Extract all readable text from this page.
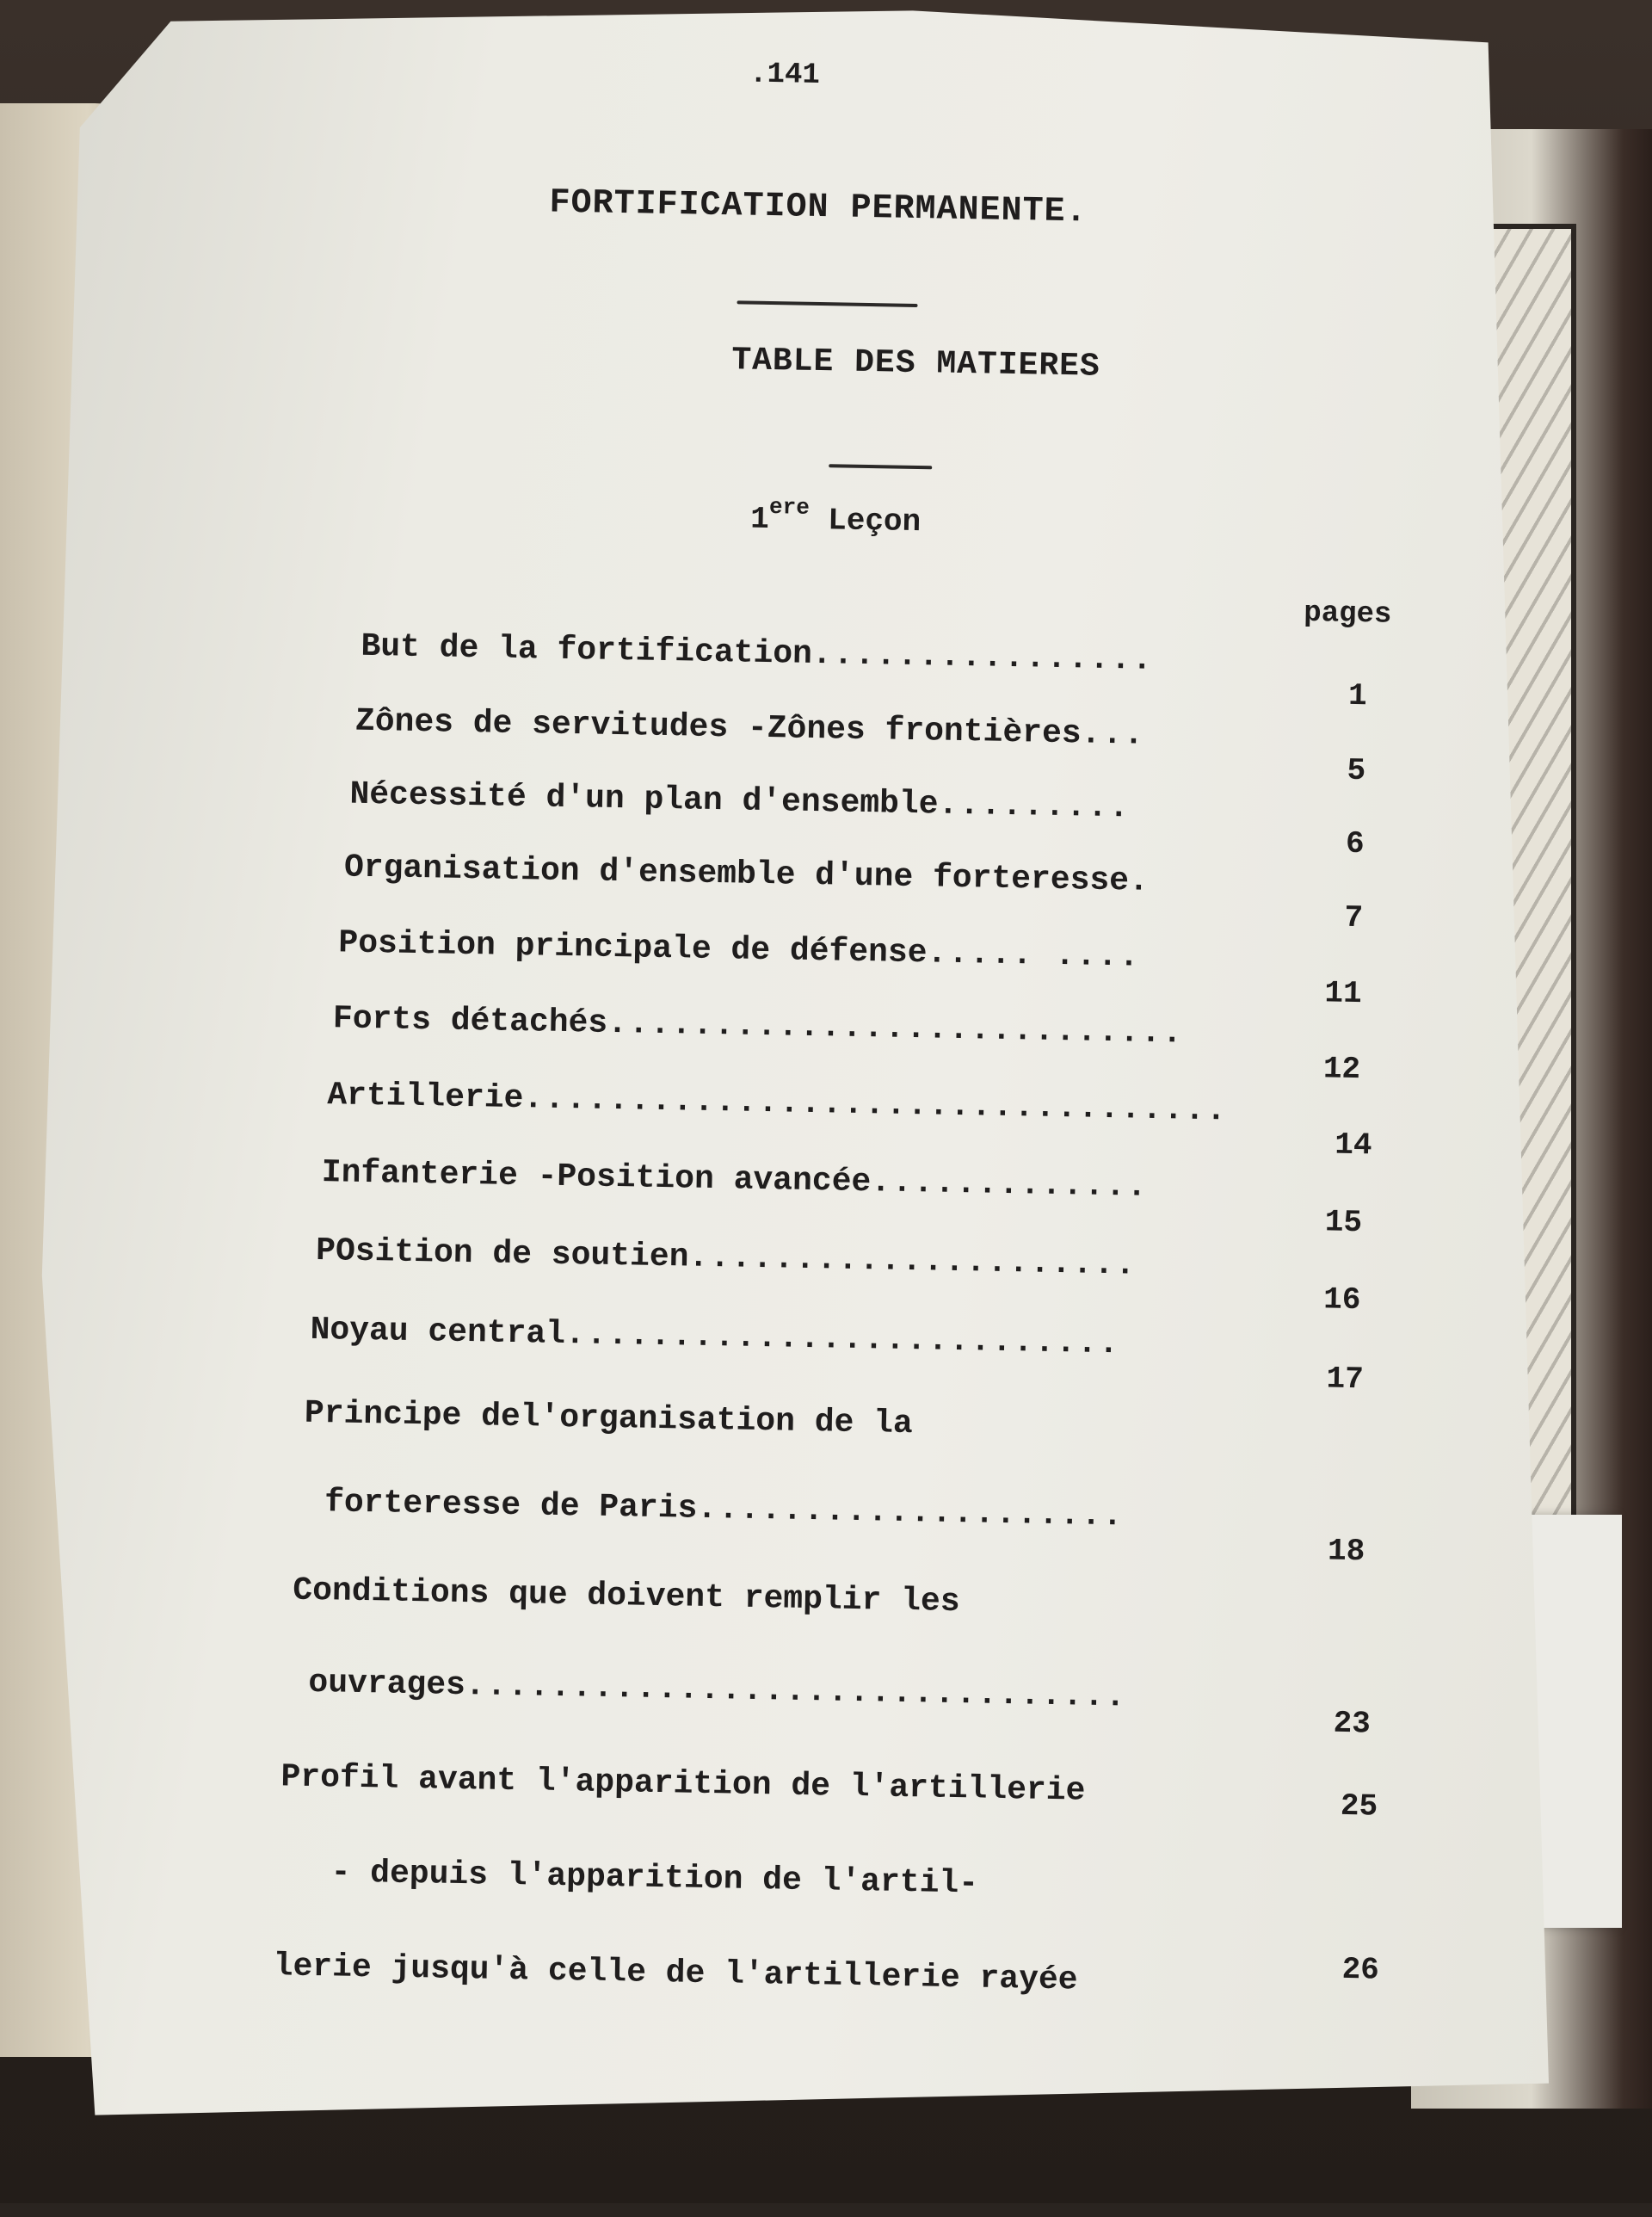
.141
FORTIFICATION PERMANENTE.
TABLE DES MATIERES
1ere Leçon
pages
But de la fortification................
1
Zônes de servitudes -Zônes frontières...
5
Nécessité d'un plan d'ensemble.........
6
Organisation d'ensemble d'une forteresse.
7
Position principale de défense..... ....
11
Forts détachés...........................
12
Artillerie.................................
14
Infanterie -Position avancée.............
15
POsition de soutien.....................
16
Noyau central..........................
17
Principe del'organisation de la
forteresse de Paris....................
18
Conditions que doivent remplir les
ouvrages...............................
23
Profil avant l'apparition de l'artillerie	25
- depuis l'apparition de l'artil-
lerie jusqu'à celle de l'artillerie rayée	26
